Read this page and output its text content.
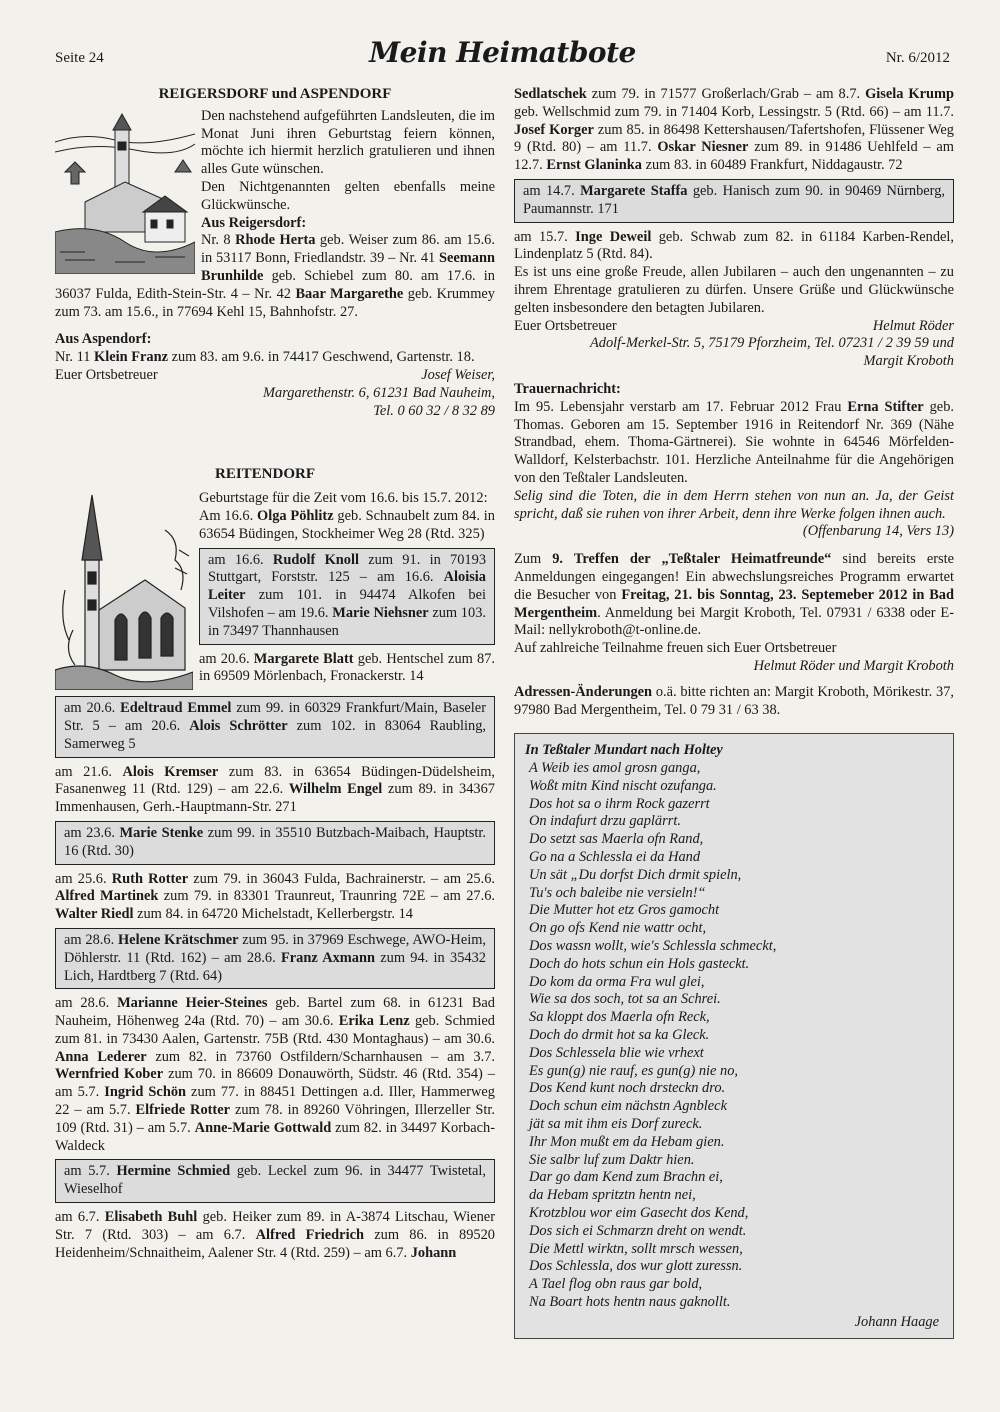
Seite 24	Mein Heimatbote	Nr. 6/2012
REIGERSDORF und ASPENDORF

Den nachstehend aufgeführten Landsleuten, die im Monat Juni ihren Geburtstag feiern können, möchte ich hiermit herzlich gratulieren und ihnen alles Gute wünschen.

Den Nichtgenannten gelten ebenfalls meine Glückwünsche.

Aus Reigersdorf:

Nr. 8 Rhode Herta geb. Weiser zum 86. am 15.6. in 53117 Bonn, Friedlandstr. 39 – Nr. 41 Seemann Brunhilde geb. Schiebel zum 80. am 17.6. in 36037 Fulda, Edith-Stein-Str. 4 – Nr. 42 Baar Margarethe geb. Krummey zum 73. am 15.6., in 77694 Kehl 15, Bahnhofstr. 27.

Aus Aspendorf:

Nr. 11 Klein Franz zum 83. am 9.6. in 74417 Geschwend, Gartenstr. 18.

Euer Ortsbetreuer	Josef Weiser,
Margarethenstr. 6, 61231 Bad Nauheim,
Tel. 0 60 32 / 8 32 89
REITENDORF

Geburtstage für die Zeit vom 16.6. bis 15.7. 2012:

Am 16.6. Olga Pöhlitz geb. Schnaubelt zum 84. in 63654 Büdingen, Stockheimer Weg 28 (Rtd. 325)

am 16.6. Rudolf Knoll zum 91. in 70193 Stuttgart, Forststr. 125 – am 16.6. Aloisia Leiter zum 101. in 94474 Alkofen bei Vilshofen – am 19.6. Marie Niehsner zum 103. in 73497 Thannhausen

am 20.6. Margarete Blatt geb. Hentschel zum 87. in 69509 Mörlenbach, Fronackerstr. 14

am 20.6. Edeltraud Emmel zum 99. in 60329 Frankfurt/Main, Baseler Str. 5 – am 20.6. Alois Schrötter zum 102. in 83064 Raubling, Samerweg 5

am 21.6. Alois Kremser zum 83. in 63654 Büdingen-Düdelsheim, Fasanenweg 11 (Rtd. 129) – am 22.6. Wilhelm Engel zum 89. in 34367 Immenhausen, Gerh.-Hauptmann-Str. 271

am 23.6. Marie Stenke zum 99. in 35510 Butzbach-Maibach, Hauptstr. 16 (Rtd. 30)

am 25.6. Ruth Rotter zum 79. in 36043 Fulda, Bachrainerstr. – am 25.6. Alfred Martinek zum 79. in 83301 Traunreut, Traunring 72E – am 27.6. Walter Riedl zum 84. in 64720 Michelstadt, Kellerbergstr. 14

am 28.6. Helene Krätschmer zum 95. in 37969 Eschwege, AWO-Heim, Döhlerstr. 11 (Rtd. 162) – am 28.6. Franz Axmann zum 94. in 35432 Lich, Hardtberg 7 (Rtd. 64)

am 28.6. Marianne Heier-Steines geb. Bartel zum 68. in 61231 Bad Nauheim, Höhenweg 24a (Rtd. 70) – am 30.6. Erika Lenz geb. Schmied zum 81. in 73430 Aalen, Gartenstr. 75B (Rtd. 430 Montaghaus) – am 30.6. Anna Lederer zum 82. in 73760 Ostfildern/Scharnhausen – am 3.7. Wernfried Kober zum 70. in 86609 Donauwörth, Südstr. 46 (Rtd. 354) – am 5.7. Ingrid Schön zum 77. in 88451 Dettingen a.d. Iller, Hammerweg 22 – am 5.7. Elfriede Rotter zum 78. in 89260 Vöhringen, Illerzeller Str. 109 (Rtd. 31) – am 5.7. Anne-Marie Gottwald zum 82. in 34497 Korbach-Waldeck

am 5.7. Hermine Schmied geb. Leckel zum 96. in 34477 Twistetal, Wieselhof

am 6.7. Elisabeth Buhl geb. Heiker zum 89. in A-3874 Litschau, Wiener Str. 7 (Rtd. 303) – am 6.7. Alfred Friedrich zum 86. in 89520 Heidenheim/Schnaitheim, Aalener Str. 4 (Rtd. 259) – am 6.7. Johann

Sedlatschek zum 79. in 71577 Großerlach/Grab – am 8.7. Gisela Krump geb. Wellschmid zum 79. in 71404 Korb, Lessingstr. 5 (Rtd. 66) – am 11.7. Josef Korger zum 85. in 86498 Kettershausen/Tafertshofen, Flüssener Weg 9 (Rtd. 80) – am 11.7. Oskar Niesner zum 89. in 91486 Uehlfeld – am 12.7. Ernst Glaninka zum 83. in 60489 Frankfurt, Niddagaustr. 72

am 14.7. Margarete Staffa geb. Hanisch zum 90. in 90469 Nürnberg, Paumannstr. 171

am 15.7. Inge Deweil geb. Schwab zum 82. in 61184 Karben-Rendel, Lindenplatz 5 (Rtd. 84).

Es ist uns eine große Freude, allen Jubilaren – auch den ungenannten – zu ihrem Ehrentage gratulieren zu dürfen. Unsere Grüße und Glückwünsche gelten insbesondere den betagten Jubilaren.

Euer Ortsbetreuer	Helmut Röder
Adolf-Merkel-Str. 5, 75179 Pforzheim, Tel. 07231 / 2 39 59 und
Margit Kroboth

Trauernachricht:

Im 95. Lebensjahr verstarb am 17. Februar 2012 Frau Erna Stifter geb. Thomas. Geboren am 15. September 1916 in Reitendorf Nr. 369 (Nähe Strandbad, ehem. Thoma-Gärtnerei). Sie wohnte in 64546 Mörfelden-Walldorf, Kelsterbachstr. 101. Herzliche Anteilnahme für die Angehörigen von den Teßtaler Landsleuten.

Selig sind die Toten, die in dem Herrn stehen von nun an. Ja, der Geist spricht, daß sie ruhen von ihrer Arbeit, denn ihre Werke folgen ihnen auch.

(Offenbarung 14, Vers 13)

Zum 9. Treffen der „Teßtaler Heimatfreunde“ sind bereits erste Anmeldungen eingegangen! Ein abwechslungsreiches Programm erwartet die Besucher von Freitag, 21. bis Sonntag, 23. Septemeber 2012 in Bad Mergentheim. Anmeldung bei Margit Kroboth, Tel. 07931 / 6338 oder E-Mail: nellykroboth@t-online.de.

Auf zahlreiche Teilnahme freuen sich Euer Ortsbetreuer

Helmut Röder und Margit Kroboth

Adressen-Änderungen o.ä. bitte richten an: Margit Kroboth, Mörikestr. 37, 97980 Bad Mergentheim, Tel. 0 79 31 / 63 38.

In Teßtaler Mundart nach Holtey
A Weib ies amol grosn ganga,
Woßt mitn Kind nischt ozufanga.
Dos hot sa o ihrm Rock gazerrt
On indafurt drzu gaplärrt.
Do setzt sas Maerla ofn Rand,
Go na a Schlessla ei da Hand
Un sät „Du dorfst Dich drmit spieln,
Tu's och baleibe nie versieln!“
Die Mutter hot etz Gros gamocht
On go ofs Kend nie wattr ocht,
Dos wassn wollt, wie's Schlessla schmeckt,
Doch do hots schun ein Hols gasteckt.
Do kom da orma Fra wul glei,
Wie sa dos soch, tot sa an Schrei.
Sa kloppt dos Maerla ofn Reck,
Doch do drmit hot sa ka Gleck.
Dos Schlessela blie wie vrhext
Es gun(g) nie rauf, es gun(g) nie no,
Dos Kend kunt noch drsteckn dro.
Doch schun eim nächstn Agnbleck
jät sa mit ihm eis Dorf zureck.
Ihr Mon mußt em da Hebam gien.
Sie salbr luf zum Daktr hien.
Dar go dam Kend zum Brachn ei,
da Hebam spritztn hentn nei,
Krotzblou wor eim Gasecht dos Kend,
Dos sich ei Schmarzn dreht on wendt.
Die Mettl wirktn, sollt mrsch wessen,
Dos Schlessla, dos wur glott zuressn.
A Tael flog obn raus gar bold,
Na Boart hots hentn naus gaknollt.
Johann Haage
